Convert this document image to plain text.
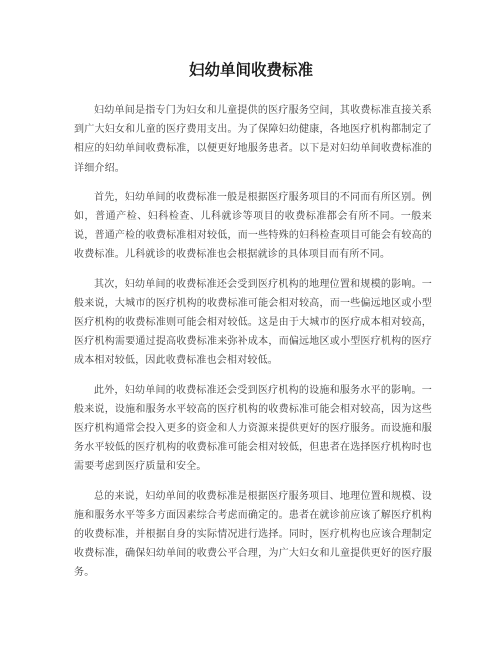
妇幼单间收费标准

妇幼单间是指专门为妇女和儿童提供的医疗服务空间，其收费标准直接关系到广大妇女和儿童的医疗费用支出。为了保障妇幼健康，各地医疗机构都制定了相应的妇幼单间收费标准，以便更好地服务患者。以下是对妇幼单间收费标准的详细介绍。

首先，妇幼单间的收费标准一般是根据医疗服务项目的不同而有所区别。例如，普通产检、妇科检查、儿科就诊等项目的收费标准都会有所不同。一般来说，普通产检的收费标准相对较低，而一些特殊的妇科检查项目可能会有较高的收费标准。儿科就诊的收费标准也会根据就诊的具体项目而有所不同。

其次，妇幼单间的收费标准还会受到医疗机构的地理位置和规模的影响。一般来说，大城市的医疗机构的收费标准可能会相对较高，而一些偏远地区或小型医疗机构的收费标准则可能会相对较低。这是由于大城市的医疗成本相对较高，医疗机构需要通过提高收费标准来弥补成本，而偏远地区或小型医疗机构的医疗成本相对较低，因此收费标准也会相对较低。

此外，妇幼单间的收费标准还会受到医疗机构的设施和服务水平的影响。一般来说，设施和服务水平较高的医疗机构的收费标准可能会相对较高，因为这些医疗机构通常会投入更多的资金和人力资源来提供更好的医疗服务。而设施和服务水平较低的医疗机构的收费标准可能会相对较低，但患者在选择医疗机构时也需要考虑到医疗质量和安全。

总的来说，妇幼单间的收费标准是根据医疗服务项目、地理位置和规模、设施和服务水平等多方面因素综合考虑而确定的。患者在就诊前应该了解医疗机构的收费标准，并根据自身的实际情况进行选择。同时，医疗机构也应该合理制定收费标准，确保妇幼单间的收费公平合理，为广大妇女和儿童提供更好的医疗服务。
